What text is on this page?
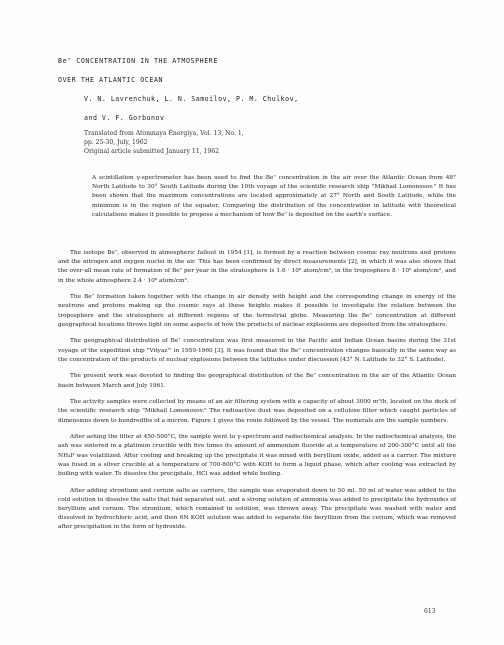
Be⁷ CONCENTRATION IN THE ATMOSPHERE
OVER THE ATLANTIC OCEAN
V. N. Lavrenchuk, L. N. Samoilov, P. M. Chulkov,
and V. F. Gorbunov
Translated from Atomnaya Énergiya, Vol. 13, No. 1,
pp. 25-30, July, 1962
Original article submitted January 11, 1962
A scintillation γ-spectrometer has been used to find the Be⁷ concentration in the air over the Atlantic Ocean from 48° North Latitude to 30° South Latitude during the 10th voyage of the scientific research ship "Mikhail Lomonosov." It has been shown that the maximum concentrations are located approximately at 27° North and South Latitude, while the minimum is in the region of the equator. Comparing the distribution of the concentration in latitude with theoretical calculations makes it possible to propose a mechanism of how Be⁷ is deposited on the earth's surface.

The isotope Be⁷, observed in atmospheric fallout in 1954 [1], is formed by a reaction between cosmic ray neutrons and protons and the nitrogen and oxygen nuclei in the air. This has been confirmed by direct measurements [2], in which it was also shown that the over-all mean rate of formation of Be⁷ per year in the stratosphere is 1.6 · 10⁶ atom/cm², in the troposphere 8 · 10⁵ atom/cm², and in the whole atmosphere 2.4 · 10⁶ atom/cm².

The Be⁷ formation taken together with the change in air density with height and the corresponding change in energy of the neutrons and protons making up the cosmic rays at these heights makes it possible to investigate the relation between the troposphere and the stratosphere at different regions of the terrestrial globe. Measuring the Be⁷ concentration at different geographical locations throws light on some aspects of how the products of nuclear explosions are deposited from the stratosphere.

The geographical distribution of Be⁷ concentration was first measured in the Pacific and Indian Ocean basins during the 31st voyage of the expedition ship "Vityaz'" in 1959-1960 [3]. It was found that the Be⁷ concentration changes basically in the same way as the concentration of the products of nuclear explosions between the latitudes under discussion (43° N. Latitude to 32° S. Latitude).

The present work was devoted to finding the geographical distribution of the Be⁷ concentration in the air of the Atlantic Ocean basin between March and July 1961.

The activity samples were collected by means of an air filtering system with a capacity of about 3000 m³/h, located on the deck of the scientific research ship "Mikhail Lomonosov." The radioactive dust was deposited on a cellulose filter which caught particles of dimensions down to hundredths of a micron. Figure 1 gives the route followed by the vessel. The numerals are the sample numbers.

After ashing the filter at 450-500°C, the sample went to γ-spectrum and radiochemical analysis. In the radiochemical analysis, the ash was sintered in a platinum crucible with five times its amount of ammonium fluoride at a temperature of 200-300°C until all the NH₄F was volatilized. After cooling and breaking up the precipitate it was mixed with beryllium oxide, added as a carrier. The mixture was fused in a silver crucible at a temperature of 700-800°C with KOH to form a liquid phase, which after cooling was extracted by boiling with water. To dissolve the precipitate, HCl was added while boiling.

After adding strontium and cerium salts as carriers, the sample was evaporated down to 50 ml. 50 ml of water was added to the cold solution to dissolve the salts that had separated out, and a strong solution of ammonia was added to precipitate the hydroxides of beryllium and cerium. The strontium, which remained in solution, was thrown away. The precipitate was washed with water and dissolved in hydrochloric acid, and then 6N KOH solution was added to separate the beryllium from the cerium, which was removed after precipitation in the form of hydroxide.

613
